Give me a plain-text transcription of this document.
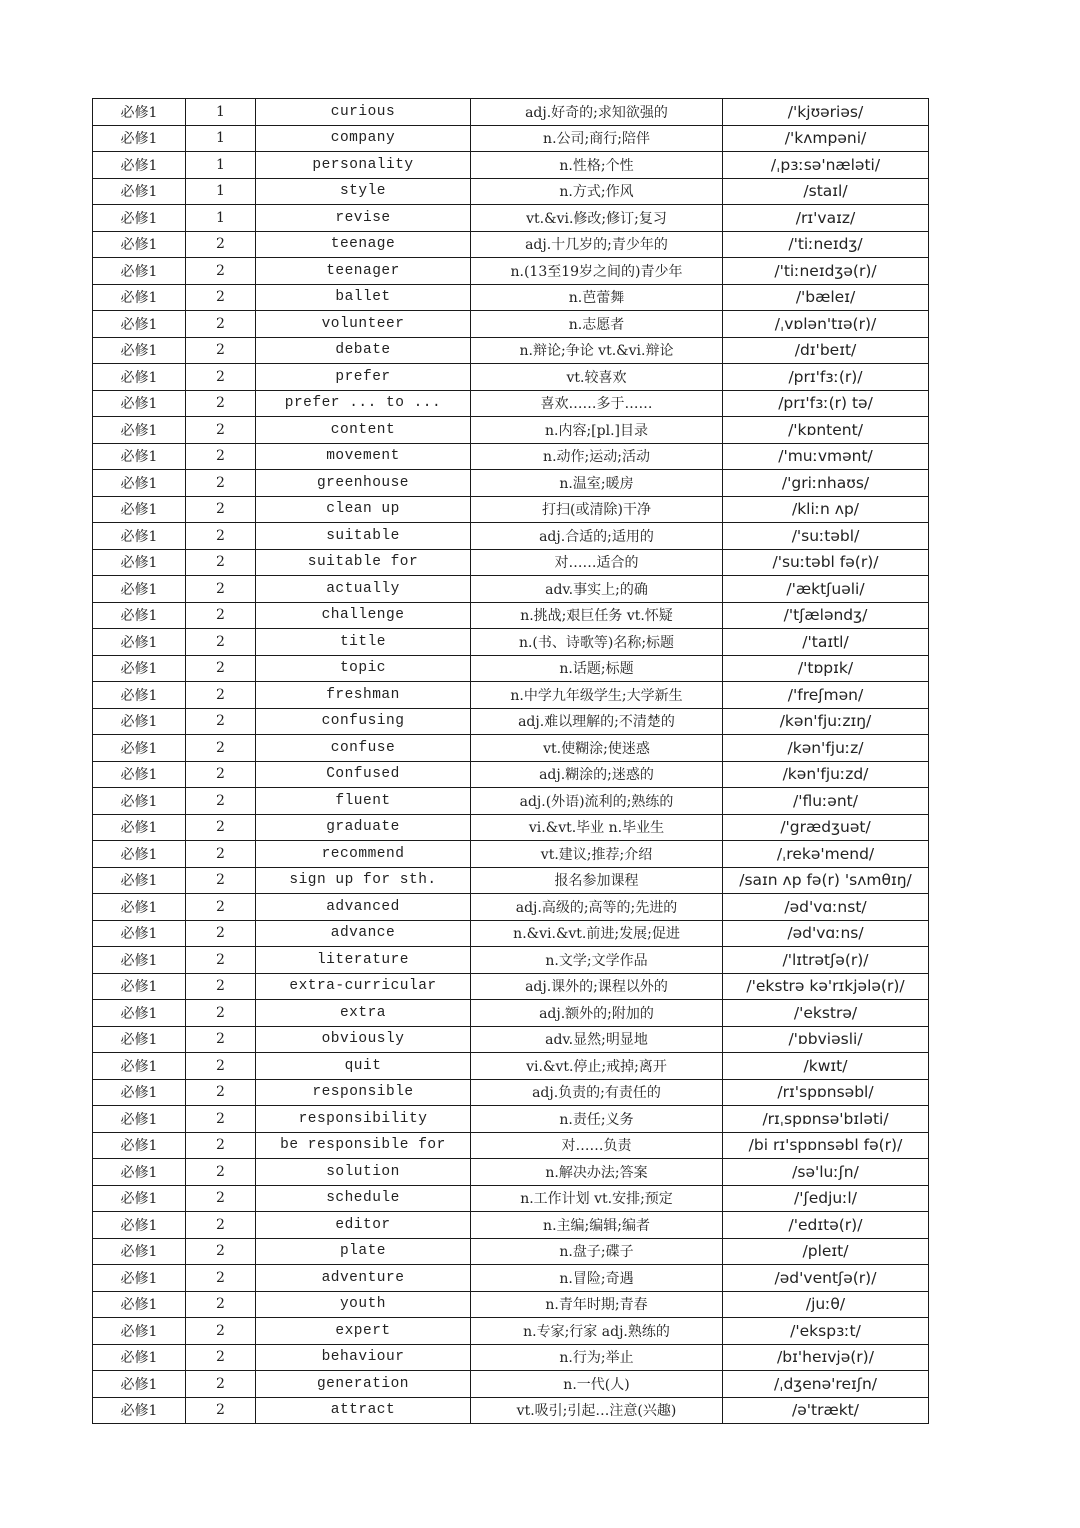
必修1	1	curious	adj.好奇的;求知欲强的	/'kjʊəriəs/
必修1	1	company	n.公司;商行;陪伴	/'kʌmpəni/
必修1	1	personality	n.性格;个性	/ˌpɜːsə'næləti/
必修1	1	style	n.方式;作风	/staɪl/
必修1	1	revise	vt.&vi.修改;修订;复习	/rɪ'vaɪz/
必修1	2	teenage	adj.十几岁的;青少年的	/'tiːneɪdʒ/
必修1	2	teenager	n.(13至19岁之间的)青少年	/'tiːneɪdʒə(r)/
必修1	2	ballet	n.芭蕾舞	/'bæleɪ/
必修1	2	volunteer	n.志愿者	/ˌvɒlən'tɪə(r)/
必修1	2	debate	n.辩论;争论 vt.&vi.辩论	/dɪ'beɪt/
必修1	2	prefer	vt.较喜欢	/prɪ'fɜː(r)/
必修1	2	prefer ... to ...	喜欢……多于……	/prɪ'fɜː(r) tə/
必修1	2	content	n.内容;[pl.]目录	/'kɒntent/
必修1	2	movement	n.动作;运动;活动	/'muːvmənt/
必修1	2	greenhouse	n.温室;暖房	/'griːnhaʊs/
必修1	2	clean up	打扫(或清除)干净	/kliːn ʌp/
必修1	2	suitable	adj.合适的;适用的	/'suːtəbl/
必修1	2	suitable for	对……适合的	/'suːtəbl fə(r)/
必修1	2	actually	adv.事实上;的确	/'æktʃuəli/
必修1	2	challenge	n.挑战;艰巨任务 vt.怀疑	/'tʃæləndʒ/
必修1	2	title	n.(书、诗歌等)名称;标题	/'taɪtl/
必修1	2	topic	n.话题;标题	/'tɒpɪk/
必修1	2	freshman	n.中学九年级学生;大学新生	/'freʃmən/
必修1	2	confusing	adj.难以理解的;不清楚的	/kən'fjuːzɪŋ/
必修1	2	confuse	vt.使糊涂;使迷惑	/kən'fjuːz/
必修1	2	Confused	adj.糊涂的;迷惑的	/kən'fjuːzd/
必修1	2	fluent	adj.(外语)流利的;熟练的	/'fluːənt/
必修1	2	graduate	vi.&vt.毕业 n.毕业生	/'grædʒuət/
必修1	2	recommend	vt.建议;推荐;介绍	/ˌrekə'mend/
必修1	2	sign up for sth.	报名参加课程	/saɪn ʌp fə(r) 'sʌmθɪŋ/
必修1	2	advanced	adj.高级的;高等的;先进的	/əd'vɑːnst/
必修1	2	advance	n.&vi.&vt.前进;发展;促进	/əd'vɑːns/
必修1	2	literature	n.文学;文学作品	/'lɪtrətʃə(r)/
必修1	2	extra-curricular	adj.课外的;课程以外的	/'ekstrə kə'rɪkjələ(r)/
必修1	2	extra	adj.额外的;附加的	/'ekstrə/
必修1	2	obviously	adv.显然;明显地	/'ɒbviəsli/
必修1	2	quit	vi.&vt.停止;戒掉;离开	/kwɪt/
必修1	2	responsible	adj.负责的;有责任的	/rɪ'spɒnsəbl/
必修1	2	responsibility	n.责任;义务	/rɪˌspɒnsə'bɪləti/
必修1	2	be responsible for	对……负责	/bi rɪ'spɒnsəbl fə(r)/
必修1	2	solution	n.解决办法;答案	/sə'luːʃn/
必修1	2	schedule	n.工作计划 vt.安排;预定	/'ʃedjuːl/
必修1	2	editor	n.主编;编辑;编者	/'edɪtə(r)/
必修1	2	plate	n.盘子;碟子	/pleɪt/
必修1	2	adventure	n.冒险;奇遇	/əd'ventʃə(r)/
必修1	2	youth	n.青年时期;青春	/juːθ/
必修1	2	expert	n.专家;行家 adj.熟练的	/'ekspɜːt/
必修1	2	behaviour	n.行为;举止	/bɪ'heɪvjə(r)/
必修1	2	generation	n.一代(人)	/ˌdʒenə'reɪʃn/
必修1	2	attract	vt.吸引;引起…注意(兴趣)	/ə'trækt/
